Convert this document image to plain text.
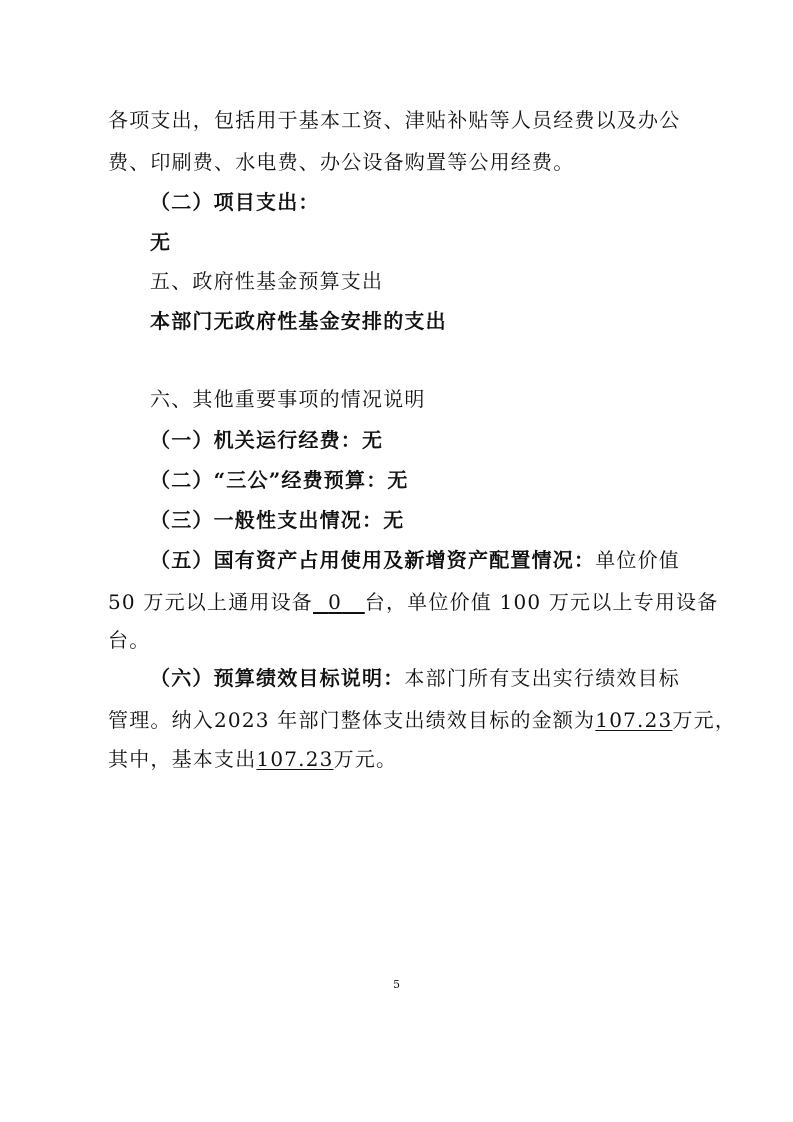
各项支出，包括用于基本工资、津贴补贴等人员经费以及办公
费、印刷费、水电费、办公设备购置等公用经费。
（二）项目支出：
无
五、政府性基金预算支出
本部门无政府性基金安排的支出
六、其他重要事项的情况说明
（一）机关运行经费：无
（二）“三公”经费预算：无
（三）一般性支出情况：无
（五）国有资产占用使用及新增资产配置情况：单位价值
50 万元以上通用设备 0 台，单位价值 100 万元以上专用设备
台。
（六）预算绩效目标说明：本部门所有支出实行绩效目标
管理。纳入2023 年部门整体支出绩效目标的金额为107.23万元，
其中，基本支出107.23万元。
5
